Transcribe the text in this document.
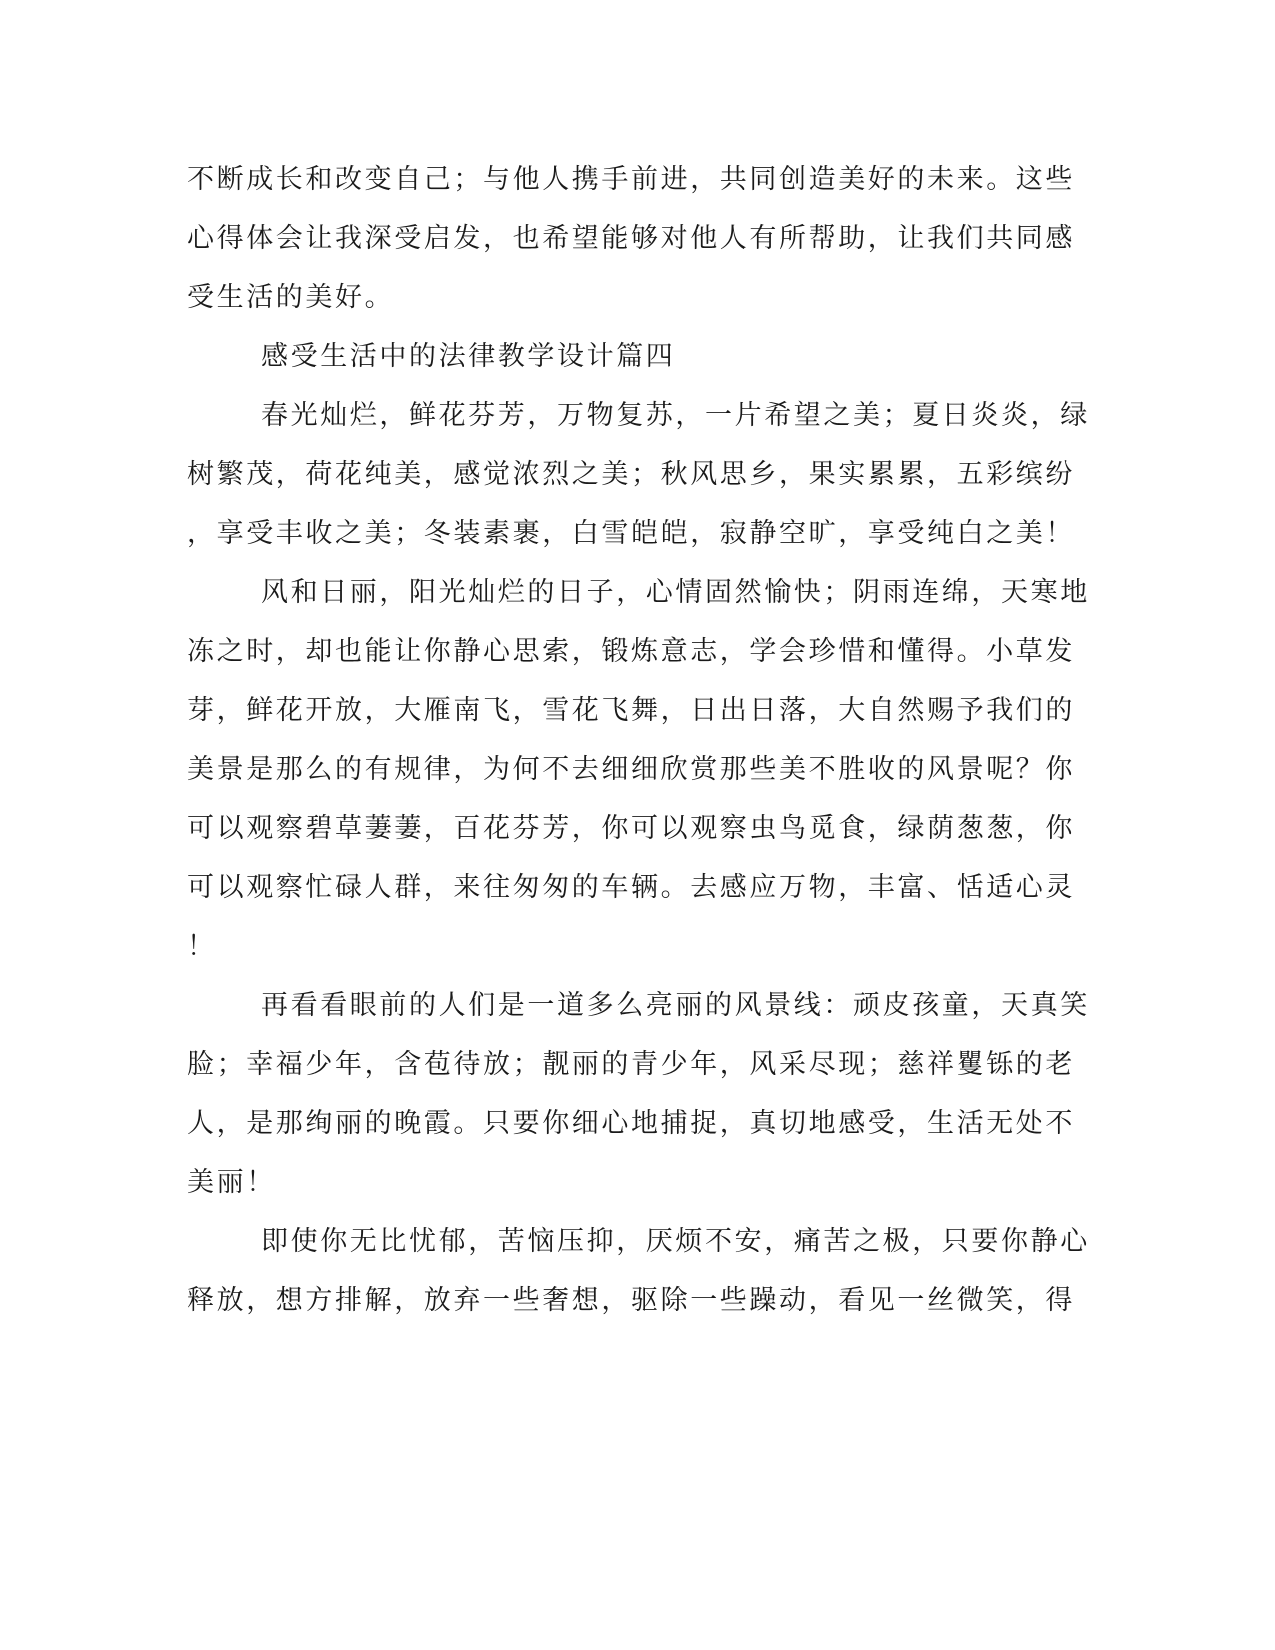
不断成长和改变自己；与他人携手前进，共同创造美好的未来。这些
心得体会让我深受启发，也希望能够对他人有所帮助，让我们共同感
受生活的美好。
感受生活中的法律教学设计篇四
春光灿烂，鲜花芬芳，万物复苏，一片希望之美；夏日炎炎，绿
树繁茂，荷花纯美，感觉浓烈之美；秋风思乡，果实累累，五彩缤纷
，享受丰收之美；冬装素裹，白雪皑皑，寂静空旷，享受纯白之美！
风和日丽，阳光灿烂的日子，心情固然愉快；阴雨连绵，天寒地
冻之时，却也能让你静心思索，锻炼意志，学会珍惜和懂得。小草发
芽，鲜花开放，大雁南飞，雪花飞舞，日出日落，大自然赐予我们的
美景是那么的有规律，为何不去细细欣赏那些美不胜收的风景呢？你
可以观察碧草萋萋，百花芬芳，你可以观察虫鸟觅食，绿荫葱葱，你
可以观察忙碌人群，来往匆匆的车辆。去感应万物，丰富、恬适心灵
！
再看看眼前的人们是一道多么亮丽的风景线：顽皮孩童，天真笑
脸；幸福少年，含苞待放；靓丽的青少年，风采尽现；慈祥矍铄的老
人，是那绚丽的晚霞。只要你细心地捕捉，真切地感受，生活无处不
美丽！
即使你无比忧郁，苦恼压抑，厌烦不安，痛苦之极，只要你静心
释放，想方排解，放弃一些奢想，驱除一些躁动，看见一丝微笑，得
